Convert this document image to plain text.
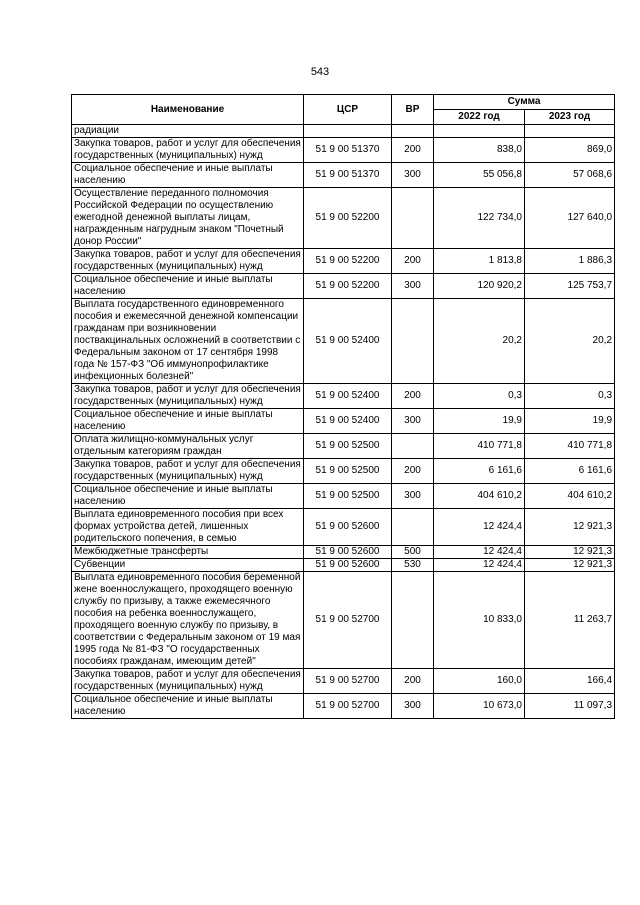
543
Наименование	ЦСР	ВР	Сумма	
			2022 год	2023 год
радиации				
Закупка товаров, работ и услуг для обеспечения государственных (муниципальных) нужд	51 9 00 51370	200	838,0	869,0
Социальное обеспечение и иные выплаты населению	51 9 00 51370	300	55 056,8	57 068,6
Осуществление переданного полномочия Российской Федерации по осуществлению ежегодной денежной выплаты лицам, награжденным нагрудным знаком "Почетный донор России"	51 9 00 52200		122 734,0	127 640,0
Закупка товаров, работ и услуг для обеспечения государственных (муниципальных) нужд	51 9 00 52200	200	1 813,8	1 886,3
Социальное обеспечение и иные выплаты населению	51 9 00 52200	300	120 920,2	125 753,7
Выплата государственного единовременного пособия и ежемесячной денежной компенсации гражданам при возникновении поствакцинальных осложнений в соответствии с Федеральным законом от 17 сентября 1998 года № 157-ФЗ "Об иммунопрофилактике инфекционных болезней"	51 9 00 52400		20,2	20,2
Закупка товаров, работ и услуг для обеспечения государственных (муниципальных) нужд	51 9 00 52400	200	0,3	0,3
Социальное обеспечение и иные выплаты населению	51 9 00 52400	300	19,9	19,9
Оплата жилищно-коммунальных услуг отдельным категориям граждан	51 9 00 52500		410 771,8	410 771,8
Закупка товаров, работ и услуг для обеспечения государственных (муниципальных) нужд	51 9 00 52500	200	6 161,6	6 161,6
Социальное обеспечение и иные выплаты населению	51 9 00 52500	300	404 610,2	404 610,2
Выплата единовременного пособия при всех формах устройства детей, лишенных родительского попечения, в семью	51 9 00 52600		12 424,4	12 921,3
Межбюджетные трансферты	51 9 00 52600	500	12 424,4	12 921,3
Субвенции	51 9 00 52600	530	12 424,4	12 921,3
Выплата единовременного пособия беременной жене военнослужащего, проходящего военную службу по призыву, а также ежемесячного пособия на ребенка военнослужащего, проходящего военную службу по призыву, в соответствии с Федеральным законом от 19 мая 1995 года № 81-ФЗ "О государственных пособиях гражданам, имеющим детей"	51 9 00 52700		10 833,0	11 263,7
Закупка товаров, работ и услуг для обеспечения государственных (муниципальных) нужд	51 9 00 52700	200	160,0	166,4
Социальное обеспечение и иные выплаты населению	51 9 00 52700	300	10 673,0	11 097,3
